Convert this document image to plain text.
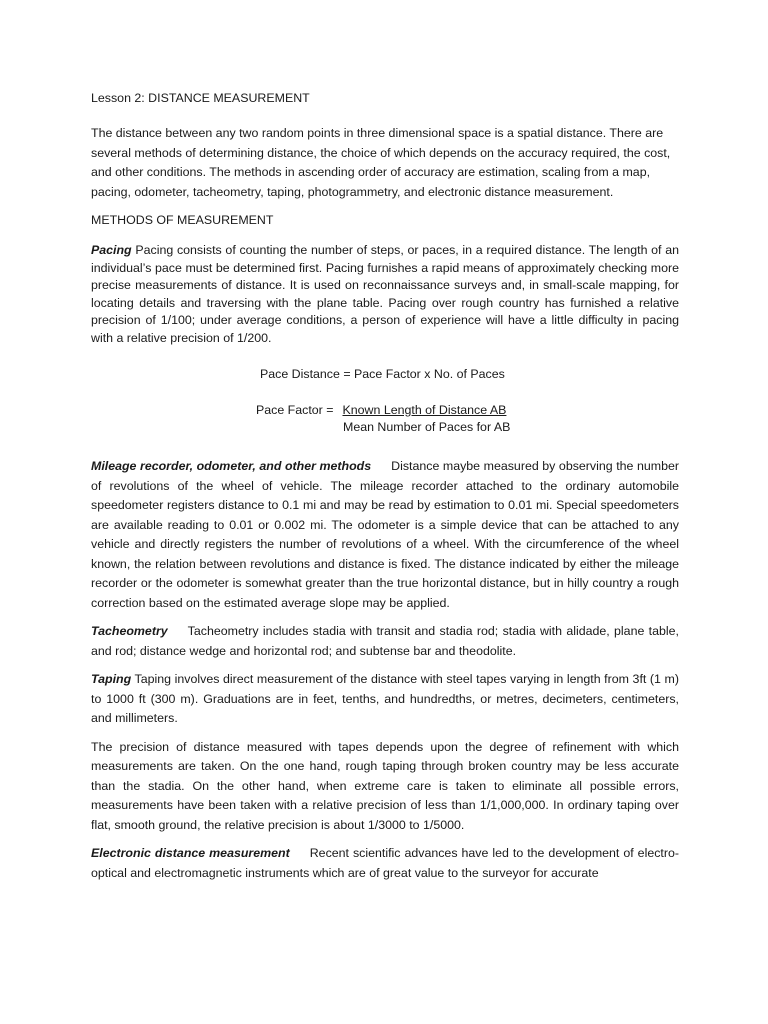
Lesson 2: DISTANCE MEASUREMENT

The distance between any two random points in three dimensional space is a spatial distance. There are several methods of determining distance, the choice of which depends on the accuracy required, the cost, and other conditions. The methods in ascending order of accuracy are estimation, scaling from a map, pacing, odometer, tacheometry, taping, photogrammetry, and electronic distance measurement.

METHODS OF MEASUREMENT

Pacing Pacing consists of counting the number of steps, or paces, in a required distance. The length of an individual’s pace must be determined first. Pacing furnishes a rapid means of approximately checking more precise measurements of distance. It is used on reconnaissance surveys and, in small-scale mapping, for locating details and traversing with the plane table. Pacing over rough country has furnished a relative precision of 1/100; under average conditions, a person of experience will have a little difficulty in pacing with a relative precision of 1/200.

Pace Distance = Pace Factor x No. of Paces
Pace Factor = Known Length of Distance AB
Mean Number of Paces for AB

Mileage recorder, odometer, and other methods Distance maybe measured by observing the number of revolutions of the wheel of vehicle. The mileage recorder attached to the ordinary automobile speedometer registers distance to 0.1 mi and may be read by estimation to 0.01 mi. Special speedometers are available reading to 0.01 or 0.002 mi. The odometer is a simple device that can be attached to any vehicle and directly registers the number of revolutions of a wheel. With the circumference of the wheel known, the relation between revolutions and distance is fixed. The distance indicated by either the mileage recorder or the odometer is somewhat greater than the true horizontal distance, but in hilly country a rough correction based on the estimated average slope may be applied.

Tacheometry Tacheometry includes stadia with transit and stadia rod; stadia with alidade, plane table, and rod; distance wedge and horizontal rod; and subtense bar and theodolite.

Taping Taping involves direct measurement of the distance with steel tapes varying in length from 3ft (1 m) to 1000 ft (300 m). Graduations are in feet, tenths, and hundredths, or metres, decimeters, centimeters, and millimeters.

The precision of distance measured with tapes depends upon the degree of refinement with which measurements are taken. On the one hand, rough taping through broken country may be less accurate than the stadia. On the other hand, when extreme care is taken to eliminate all possible errors, measurements have been taken with a relative precision of less than 1/1,000,000. In ordinary taping over flat, smooth ground, the relative precision is about 1/3000 to 1/5000.

Electronic distance measurement Recent scientific advances have led to the development of electro-optical and electromagnetic instruments which are of great value to the surveyor for accurate
